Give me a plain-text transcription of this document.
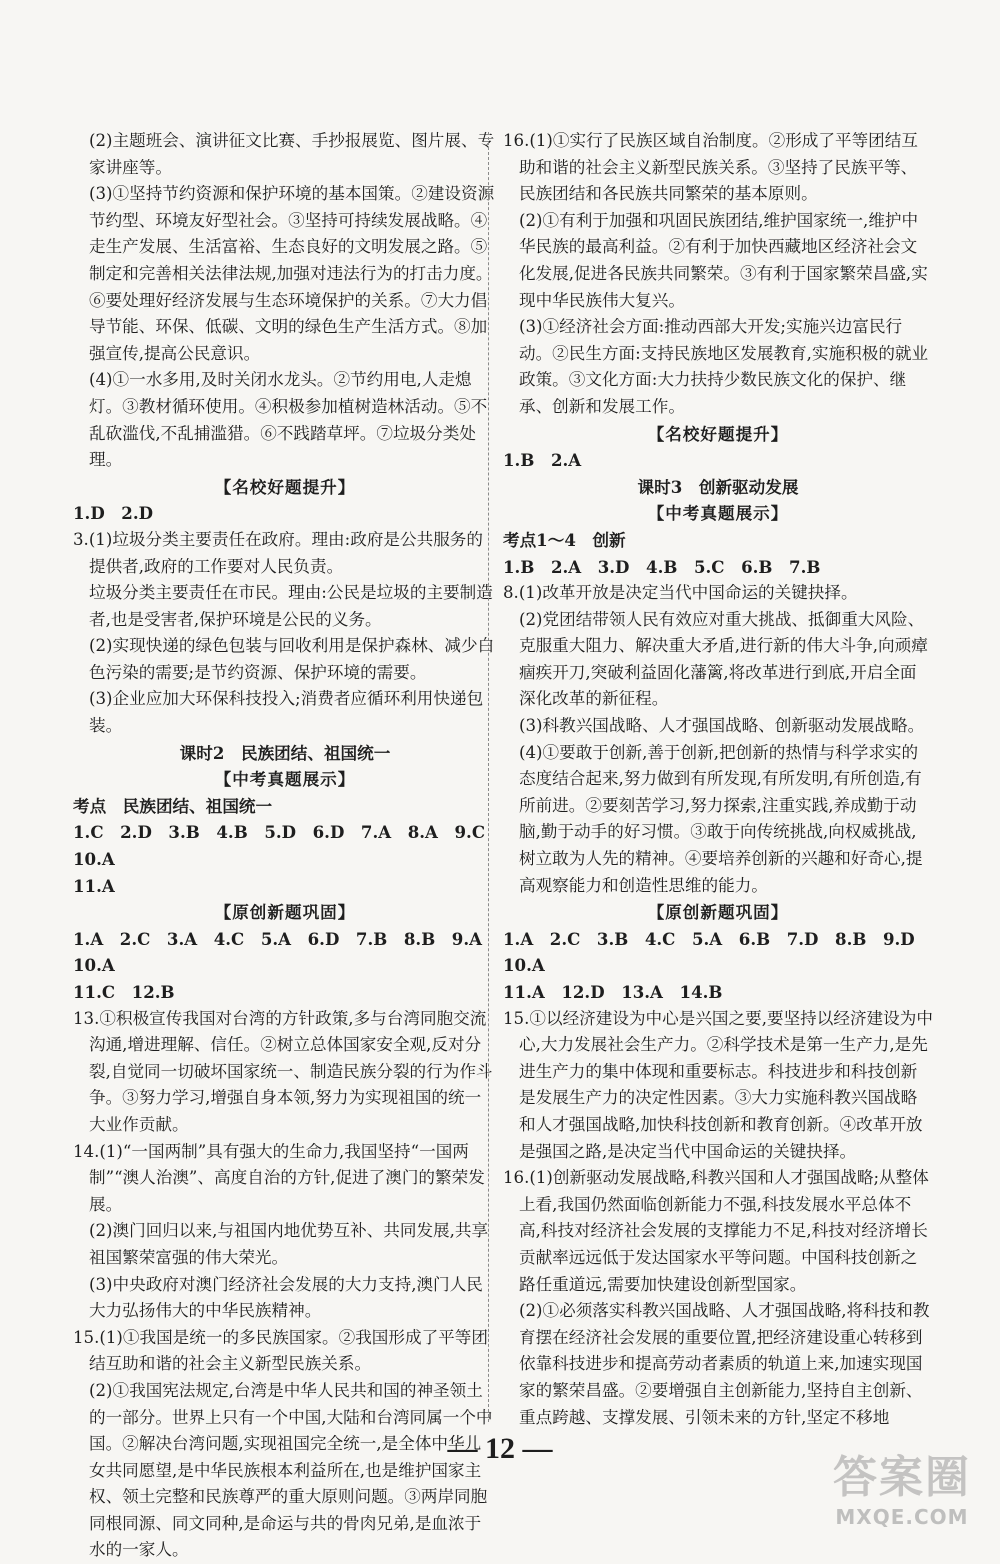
(2)主题班会、演讲征文比赛、手抄报展览、图片展、专家讲座等。

(3)①坚持节约资源和保护环境的基本国策。②建设资源节约型、环境友好型社会。③坚持可持续发展战略。④走生产发展、生活富裕、生态良好的文明发展之路。⑤制定和完善相关法律法规,加强对违法行为的打击力度。⑥要处理好经济发展与生态环境保护的关系。⑦大力倡导节能、环保、低碳、文明的绿色生产生活方式。⑧加强宣传,提高公民意识。

(4)①一水多用,及时关闭水龙头。②节约用电,人走熄灯。③教材循环使用。④积极参加植树造林活动。⑤不乱砍滥伐,不乱捕滥猎。⑥不践踏草坪。⑦垃圾分类处理。

【名校好题提升】

1.D　2.D

3.(1)垃圾分类主要责任在政府。理由:政府是公共服务的提供者,政府的工作要对人民负责。

垃圾分类主要责任在市民。理由:公民是垃圾的主要制造者,也是受害者,保护环境是公民的义务。

(2)实现快递的绿色包装与回收利用是保护森林、减少白色污染的需要;是节约资源、保护环境的需要。

(3)企业应加大环保科技投入;消费者应循环利用快递包装。

课时2　民族团结、祖国统一

【中考真题展示】

考点　民族团结、祖国统一

1.C　2.D　3.B　4.B　5.D　6.D　7.A　8.A　9.C　10.A

11.A

【原创新题巩固】

1.A　2.C　3.A　4.C　5.A　6.D　7.B　8.B　9.A　10.A

11.C　12.B

13.①积极宣传我国对台湾的方针政策,多与台湾同胞交流沟通,增进理解、信任。②树立总体国家安全观,反对分裂,自觉同一切破坏国家统一、制造民族分裂的行为作斗争。③努力学习,增强自身本领,努力为实现祖国的统一大业作贡献。

14.(1)“一国两制”具有强大的生命力,我国坚持“一国两制”“澳人治澳”、高度自治的方针,促进了澳门的繁荣发展。

(2)澳门回归以来,与祖国内地优势互补、共同发展,共享祖国繁荣富强的伟大荣光。

(3)中央政府对澳门经济社会发展的大力支持,澳门人民大力弘扬伟大的中华民族精神。

15.(1)①我国是统一的多民族国家。②我国形成了平等团结互助和谐的社会主义新型民族关系。

(2)①我国宪法规定,台湾是中华人民共和国的神圣领土的一部分。世界上只有一个中国,大陆和台湾同属一个中国。②解决台湾问题,实现祖国完全统一,是全体中华儿女共同愿望,是中华民族根本利益所在,也是维护国家主权、领土完整和民族尊严的重大原则问题。③两岸同胞同根同源、同文同种,是命运与共的骨肉兄弟,是血浓于水的一家人。

16.(1)①实行了民族区域自治制度。②形成了平等团结互助和谐的社会主义新型民族关系。③坚持了民族平等、民族团结和各民族共同繁荣的基本原则。

(2)①有利于加强和巩固民族团结,维护国家统一,维护中华民族的最高利益。②有利于加快西藏地区经济社会文化发展,促进各民族共同繁荣。③有利于国家繁荣昌盛,实现中华民族伟大复兴。

(3)①经济社会方面:推动西部大开发;实施兴边富民行动。②民生方面:支持民族地区发展教育,实施积极的就业政策。③文化方面:大力扶持少数民族文化的保护、继承、创新和发展工作。

【名校好题提升】

1.B　2.A

课时3　创新驱动发展

【中考真题展示】

考点1～4　创新

1.B　2.A　3.D　4.B　5.C　6.B　7.B

8.(1)改革开放是决定当代中国命运的关键抉择。

(2)党团结带领人民有效应对重大挑战、抵御重大风险、克服重大阻力、解决重大矛盾,进行新的伟大斗争,向顽瘴痼疾开刀,突破利益固化藩篱,将改革进行到底,开启全面深化改革的新征程。

(3)科教兴国战略、人才强国战略、创新驱动发展战略。

(4)①要敢于创新,善于创新,把创新的热情与科学求实的态度结合起来,努力做到有所发现,有所发明,有所创造,有所前进。②要刻苦学习,努力探索,注重实践,养成勤于动脑,勤于动手的好习惯。③敢于向传统挑战,向权威挑战,树立敢为人先的精神。④要培养创新的兴趣和好奇心,提高观察能力和创造性思维的能力。

【原创新题巩固】

1.A　2.C　3.B　4.C　5.A　6.B　7.D　8.B　9.D　10.A

11.A　12.D　13.A　14.B

15.①以经济建设为中心是兴国之要,要坚持以经济建设为中心,大力发展社会生产力。②科学技术是第一生产力,是先进生产力的集中体现和重要标志。科技进步和科技创新是发展生产力的决定性因素。③大力实施科教兴国战略和人才强国战略,加快科技创新和教育创新。④改革开放是强国之路,是决定当代中国命运的关键抉择。

16.(1)创新驱动发展战略,科教兴国和人才强国战略;从整体上看,我国仍然面临创新能力不强,科技发展水平总体不高,科技对经济社会发展的支撑能力不足,科技对经济增长贡献率远远低于发达国家水平等问题。中国科技创新之路任重道远,需要加快建设创新型国家。

(2)①必须落实科教兴国战略、人才强国战略,将科技和教育摆在经济社会发展的重要位置,把经济建设重心转移到依靠科技进步和提高劳动者素质的轨道上来,加速实现国家的繁荣昌盛。②要增强自主创新能力,坚持自主创新、重点跨越、支撑发展、引领未来的方针,坚定不移地

— 12 —
答案圈
MXQE.COM
